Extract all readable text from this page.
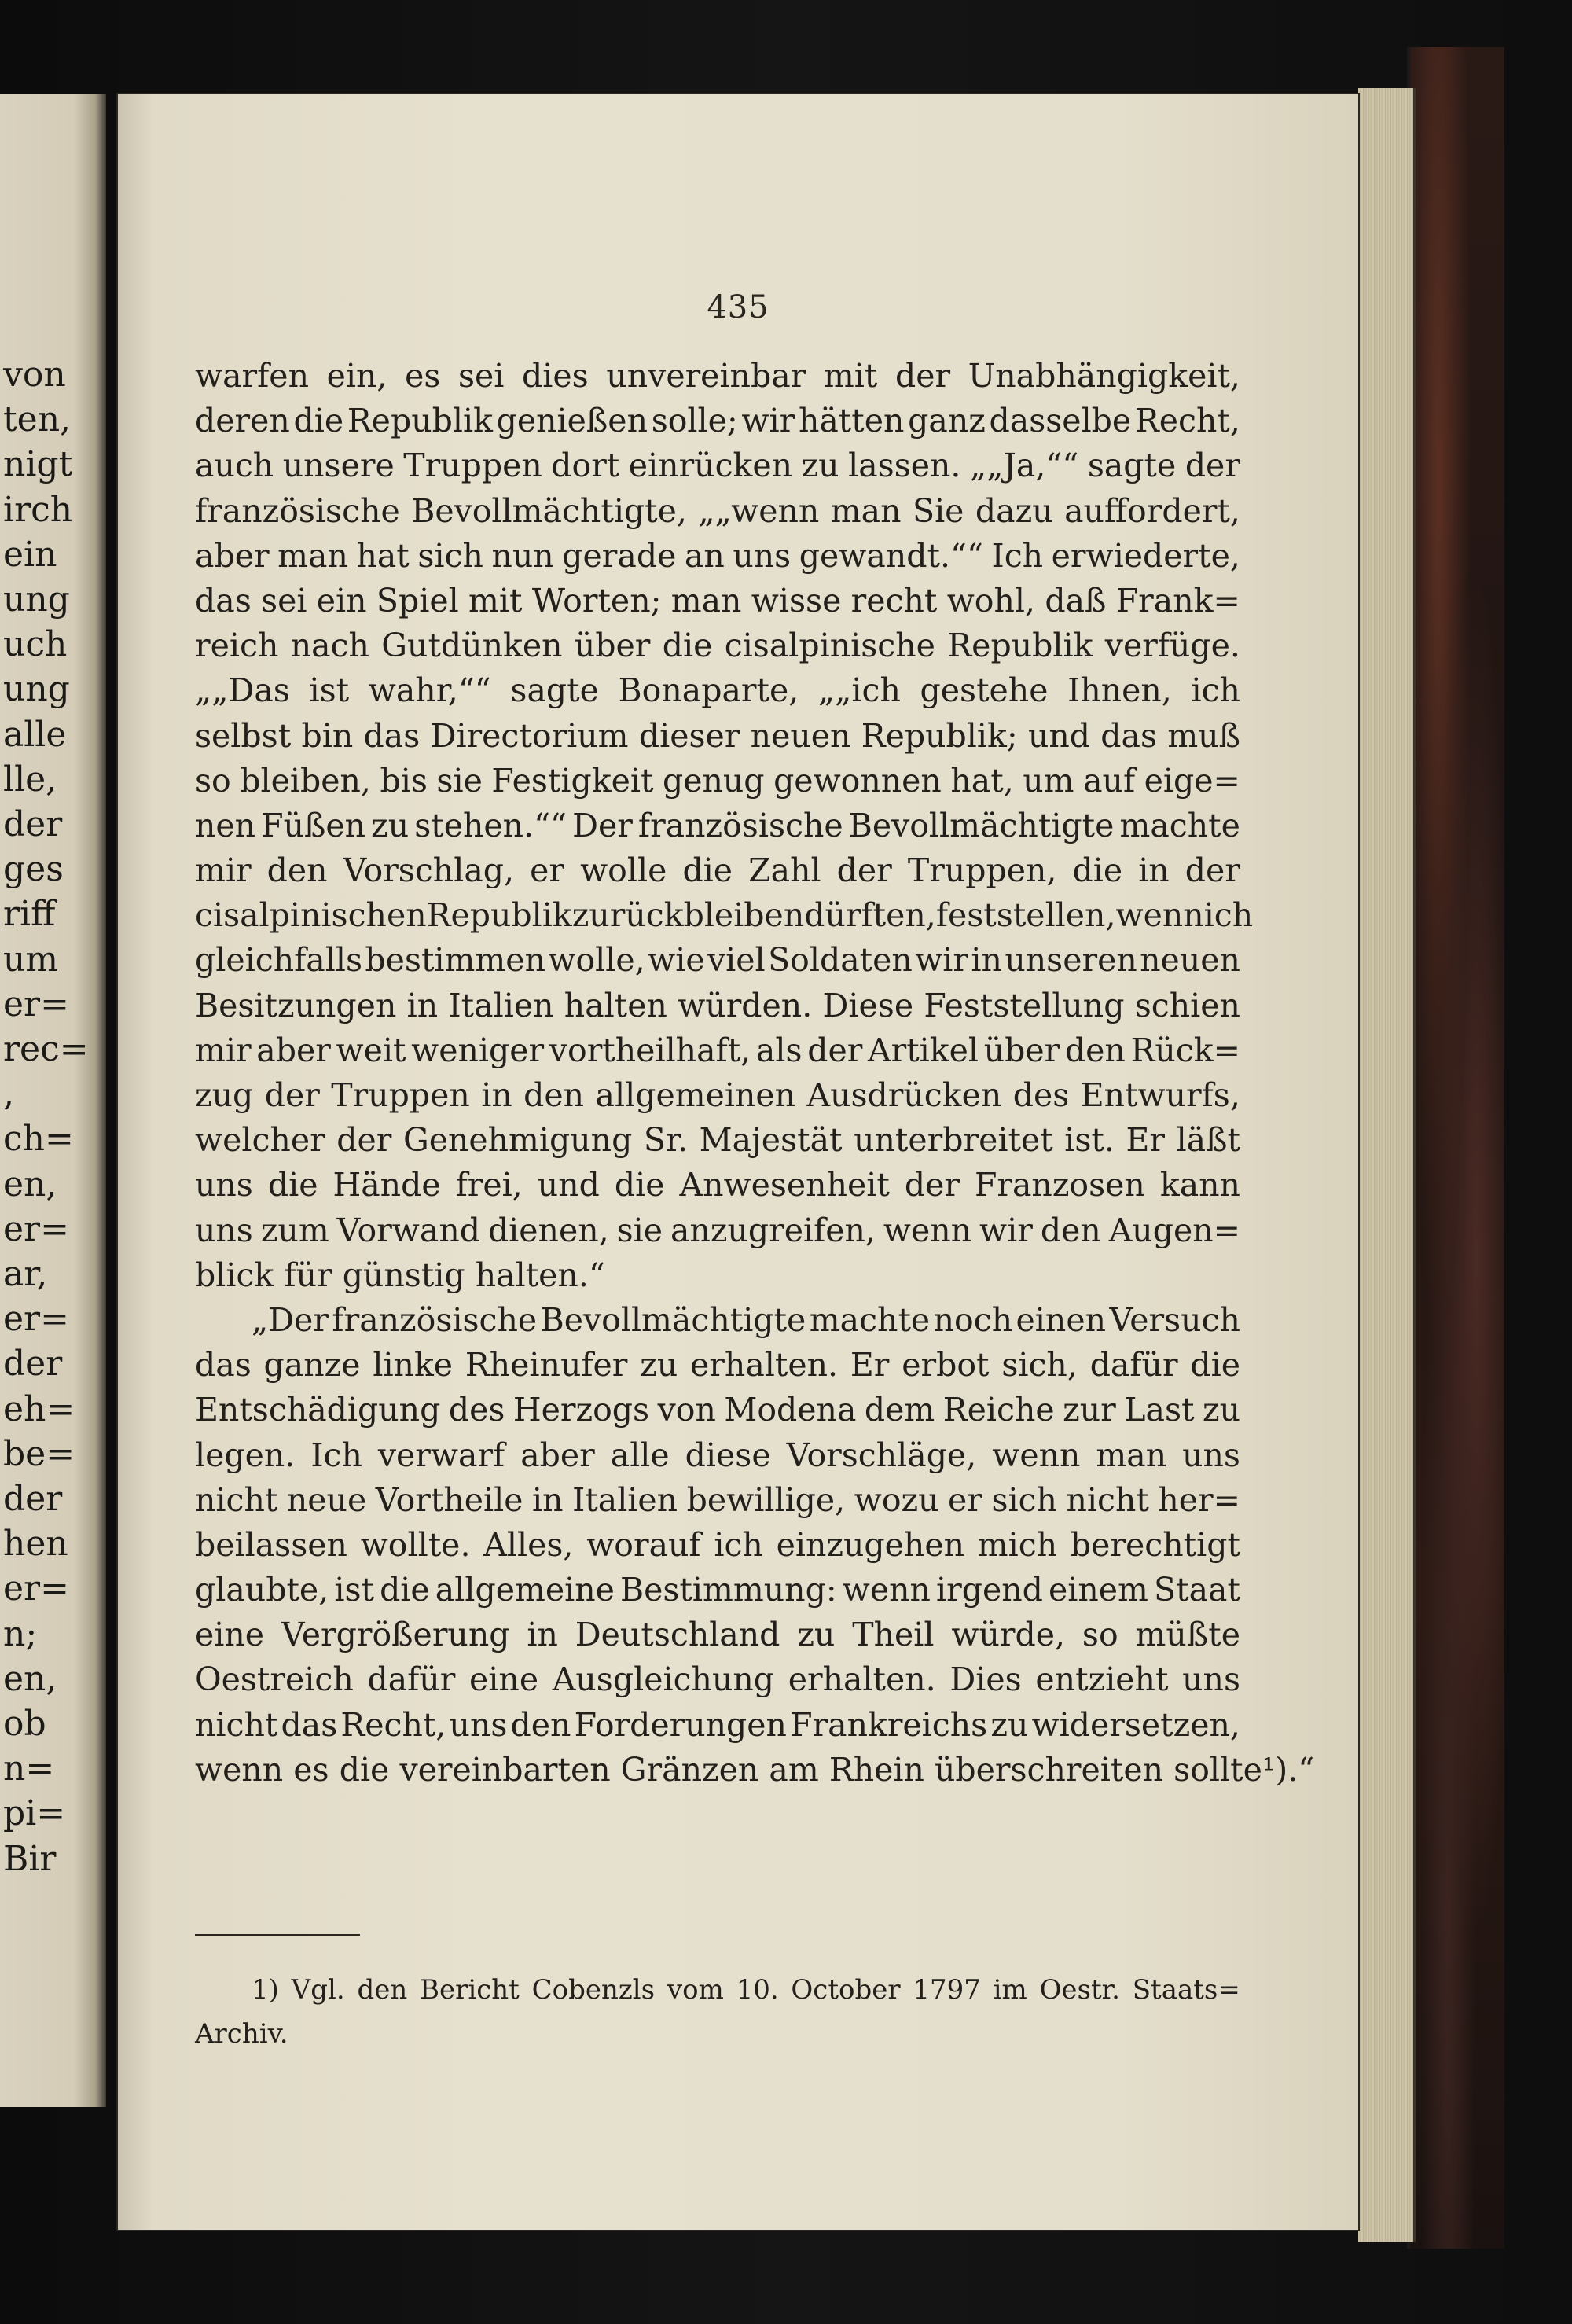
435
warfen ein, es sei dies unvereinbar mit der Unabhängigkeit,
deren die Republik genießen solle; wir hätten ganz dasselbe Recht,
auch unsere Truppen dort einrücken zu lassen. „„Ja,““ sagte der
französische Bevollmächtigte, „„wenn man Sie dazu auffordert,
aber man hat sich nun gerade an uns gewandt.““ Ich erwiederte,
das sei ein Spiel mit Worten; man wisse recht wohl, daß Frank=
reich nach Gutdünken über die cisalpinische Republik verfüge.
„„Das ist wahr,““ sagte Bonaparte, „„ich gestehe Ihnen, ich
selbst bin das Directorium dieser neuen Republik; und das muß
so bleiben, bis sie Festigkeit genug gewonnen hat, um auf eige=
nen Füßen zu stehen.““ Der französische Bevollmächtigte machte
mir den Vorschlag, er wolle die Zahl der Truppen, die in der
cisalpinischen Republik zurückbleiben dürften, feststellen, wenn ich
gleichfalls bestimmen wolle, wie viel Soldaten wir in unseren neuen
Besitzungen in Italien halten würden. Diese Feststellung schien
mir aber weit weniger vortheilhaft, als der Artikel über den Rück=
zug der Truppen in den allgemeinen Ausdrücken des Entwurfs,
welcher der Genehmigung Sr. Majestät unterbreitet ist. Er läßt
uns die Hände frei, und die Anwesenheit der Franzosen kann
uns zum Vorwand dienen, sie anzugreifen, wenn wir den Augen=
blick für günstig halten.“
„Der französische Bevollmächtigte machte noch einen Versuch
das ganze linke Rheinufer zu erhalten. Er erbot sich, dafür die
Entschädigung des Herzogs von Modena dem Reiche zur Last zu
legen. Ich verwarf aber alle diese Vorschläge, wenn man uns
nicht neue Vortheile in Italien bewillige, wozu er sich nicht her=
beilassen wollte. Alles, worauf ich einzugehen mich berechtigt
glaubte, ist die allgemeine Bestimmung: wenn irgend einem Staat
eine Vergrößerung in Deutschland zu Theil würde, so müßte
Oestreich dafür eine Ausgleichung erhalten. Dies entzieht uns
nicht das Recht, uns den Forderungen Frankreichs zu widersetzen,
wenn es die vereinbarten Gränzen am Rhein überschreiten sollte¹).“
1) Vgl. den Bericht Cobenzls vom 10. October 1797 im Oestr. Staats=
Archiv.
von
ten,
nigt
irch
ein
ung
uch
ung
alle
lle,
der
ges
riff
um
er=
rec=
,
ch=
en,
er=
ar,
er=
der
eh=
be=
der
hen
er=
n;
en,
ob
n=
pi=
Bir
